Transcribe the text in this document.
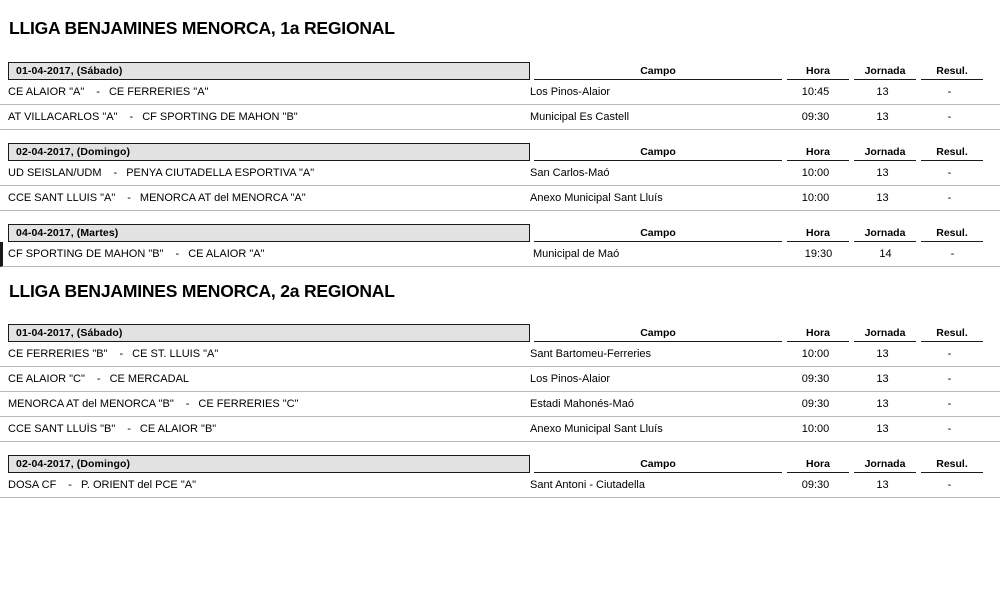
LLIGA BENJAMINES MENORCA, 1a REGIONAL
01-04-2017, (Sábado)	Campo	Hora	Jornada	Resul.
CE ALAIOR "A" - CE FERRERIES "A"	Los Pinos-Alaior	10:45	13	-
AT VILLACARLOS "A" - CF SPORTING DE MAHON "B"	Municipal Es Castell	09:30	13	-
02-04-2017, (Domingo)	Campo	Hora	Jornada	Resul.
UD SEISLAN/UDM - PENYA CIUTADELLA ESPORTIVA "A"	San Carlos-Maó	10:00	13	-
CCE SANT LLUIS "A" - MENORCA AT del MENORCA "A"	Anexo Municipal Sant Lluís	10:00	13	-
04-04-2017, (Martes)	Campo	Hora	Jornada	Resul.
CF SPORTING DE MAHON "B" - CE ALAIOR "A"	Municipal de Maó	19:30	14	-
LLIGA BENJAMINES MENORCA, 2a REGIONAL
01-04-2017, (Sábado)	Campo	Hora	Jornada	Resul.
CE FERRERIES "B" - CE ST. LLUIS "A"	Sant Bartomeu-Ferreries	10:00	13	-
CE ALAIOR "C" - CE MERCADAL	Los Pinos-Alaior	09:30	13	-
MENORCA AT del MENORCA "B" - CE FERRERIES "C"	Estadi Mahonés-Maó	09:30	13	-
CCE SANT LLUÍS "B" - CE ALAIOR "B"	Anexo Municipal Sant Lluís	10:00	13	-
02-04-2017, (Domingo)	Campo	Hora	Jornada	Resul.
DOSA CF - P. ORIENT del PCE "A"	Sant Antoni - Ciutadella	09:30	13	-
